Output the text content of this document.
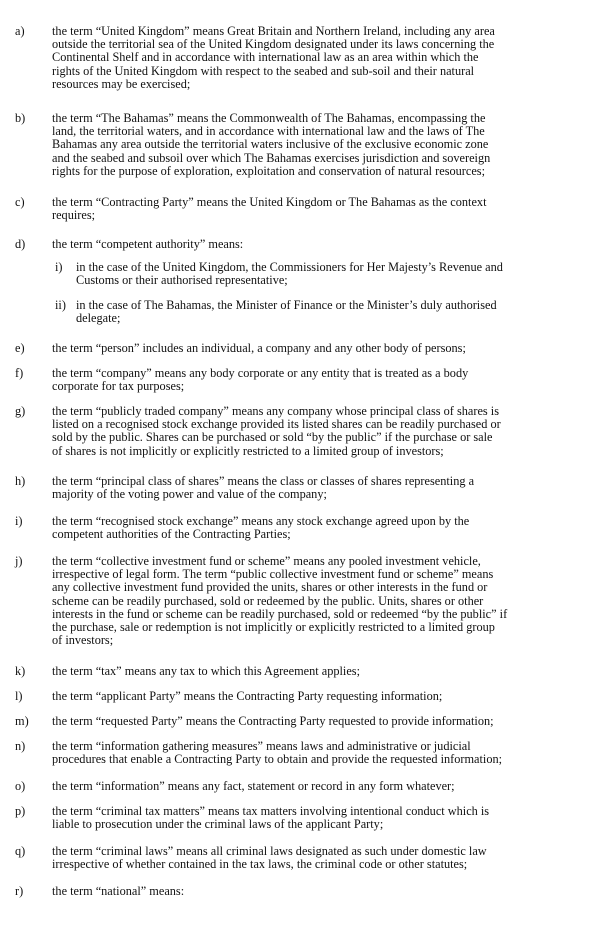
a) the term “United Kingdom” means Great Britain and Northern Ireland, including any area
outside the territorial sea of the United Kingdom designated under its laws concerning the
Continental Shelf and in accordance with international law as an area within which the
rights of the United Kingdom with respect to the seabed and sub-soil and their natural
resources may be exercised;
b) the term “The Bahamas” means the Commonwealth of The Bahamas, encompassing the
land, the territorial waters, and in accordance with international law and the laws of The
Bahamas any area outside the territorial waters inclusive of the exclusive economic zone
and the seabed and subsoil over which The Bahamas exercises jurisdiction and sovereign
rights for the purpose of exploration, exploitation and conservation of natural resources;
c) the term “Contracting Party” means the United Kingdom or The Bahamas as the context
requires;
d) the term “competent authority” means:
i) in the case of the United Kingdom, the Commissioners for Her Majesty’s Revenue and
Customs or their authorised representative;
ii) in the case of The Bahamas, the Minister of Finance or the Minister’s duly authorised
delegate;
e) the term “person” includes an individual, a company and any other body of persons;
f) the term “company” means any body corporate or any entity that is treated as a body
corporate for tax purposes;
g) the term “publicly traded company” means any company whose principal class of shares is
listed on a recognised stock exchange provided its listed shares can be readily purchased or
sold by the public. Shares can be purchased or sold “by the public” if the purchase or sale
of shares is not implicitly or explicitly restricted to a limited group of investors;
h) the term “principal class of shares” means the class or classes of shares representing a
majority of the voting power and value of the company;
i) the term “recognised stock exchange” means any stock exchange agreed upon by the
competent authorities of the Contracting Parties;
j) the term “collective investment fund or scheme” means any pooled investment vehicle,
irrespective of legal form. The term “public collective investment fund or scheme” means
any collective investment fund provided the units, shares or other interests in the fund or
scheme can be readily purchased, sold or redeemed by the public. Units, shares or other
interests in the fund or scheme can be readily purchased, sold or redeemed “by the public” if
the purchase, sale or redemption is not implicitly or explicitly restricted to a limited group
of investors;
k) the term “tax” means any tax to which this Agreement applies;
l) the term “applicant Party” means the Contracting Party requesting information;
m) the term “requested Party” means the Contracting Party requested to provide information;
n) the term “information gathering measures” means laws and administrative or judicial
procedures that enable a Contracting Party to obtain and provide the requested information;
o) the term “information” means any fact, statement or record in any form whatever;
p) the term “criminal tax matters” means tax matters involving intentional conduct which is
liable to prosecution under the criminal laws of the applicant Party;
q) the term “criminal laws” means all criminal laws designated as such under domestic law
irrespective of whether contained in the tax laws, the criminal code or other statutes;
r) the term “national” means:
